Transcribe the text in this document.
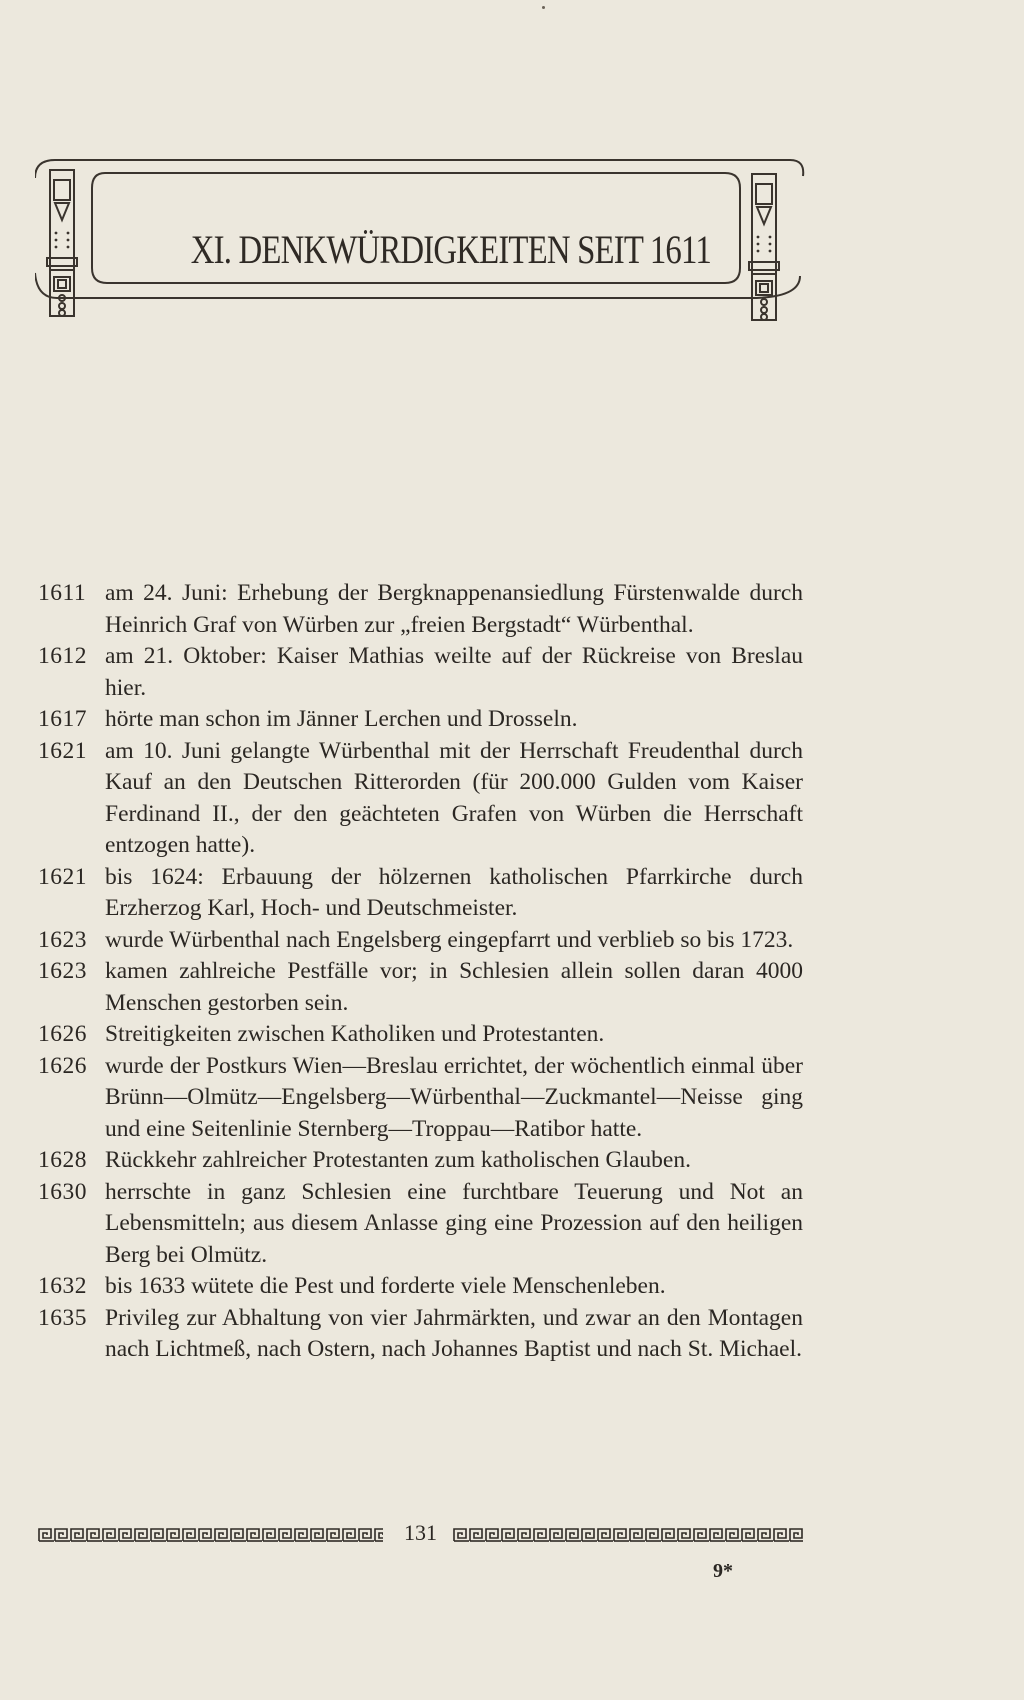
XI. DENKWÜRDIGKEITEN SEIT 1611
1611 am 24. Juni: Erhebung der Bergknappenansiedlung Fürstenwalde durch Heinrich Graf von Würben zur „freien Bergstadt“ Würbenthal.
1612 am 21. Oktober: Kaiser Mathias weilte auf der Rückreise von Breslau hier.
1617 hörte man schon im Jänner Lerchen und Drosseln.
1621 am 10. Juni gelangte Würbenthal mit der Herrschaft Freudenthal durch Kauf an den Deutschen Ritterorden (für 200.000 Gulden vom Kaiser Ferdinand II., der den geächteten Grafen von Würben die Herrschaft entzogen hatte).
1621 bis 1624: Erbauung der hölzernen katholischen Pfarrkirche durch Erzherzog Karl, Hoch- und Deutschmeister.
1623 wurde Würbenthal nach Engelsberg eingepfarrt und verblieb so bis 1723.
1623 kamen zahlreiche Pestfälle vor; in Schlesien allein sollen daran 4000 Menschen gestorben sein.
1626 Streitigkeiten zwischen Katholiken und Protestanten.
1626 wurde der Postkurs Wien—Breslau errichtet, der wöchentlich einmal über Brünn—Olmütz—Engelsberg—Würbenthal—Zuckmantel—Neisse ging und eine Seitenlinie Sternberg—Troppau—Ratibor hatte.
1628 Rückkehr zahlreicher Protestanten zum katholischen Glauben.
1630 herrschte in ganz Schlesien eine furchtbare Teuerung und Not an Lebensmitteln; aus diesem Anlasse ging eine Prozession auf den heiligen Berg bei Olmütz.
1632 bis 1633 wütete die Pest und forderte viele Menschenleben.
1635 Privileg zur Abhaltung von vier Jahrmärkten, und zwar an den Montagen nach Lichtmeß, nach Ostern, nach Johannes Baptist und nach St. Michael.
131
9*
